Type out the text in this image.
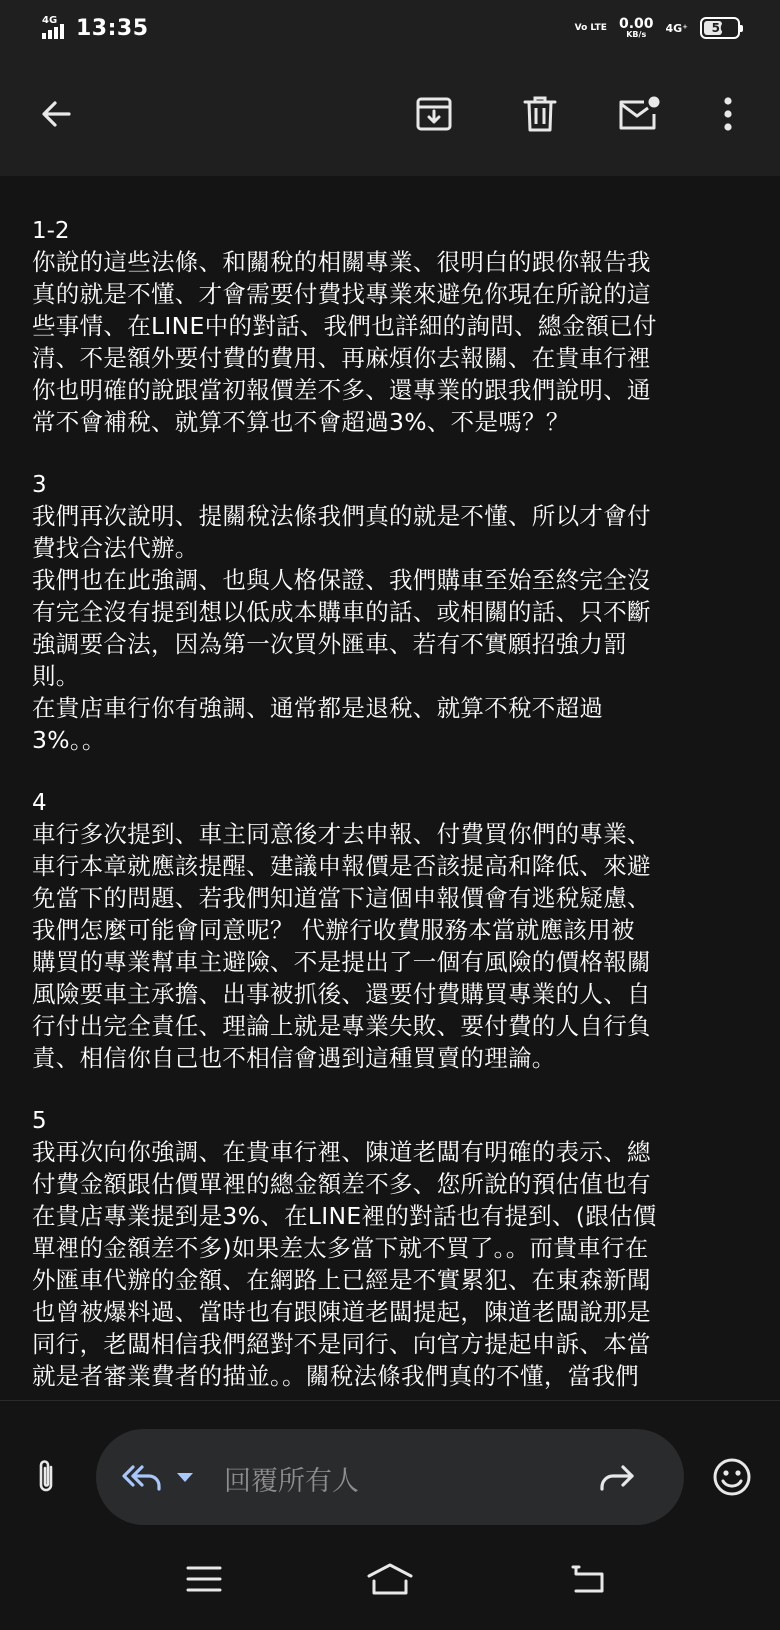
4G 13:35	Vo LTE 0.00
KB/s 4G⁺ 56
1-2
你說的這些法條、和關稅的相關專業、很明白的跟你報告我
真的就是不懂、才會需要付費找專業來避免你現在所說的這
些事情、在LINE中的對話、我們也詳細的詢問、總金額已付
清、不是額外要付費的費用、再麻煩你去報關、在貴車行裡
你也明確的說跟當初報價差不多、還專業的跟我們說明、通
常不會補稅、就算不算也不會超過3%、不是嗎？？
3
我們再次說明、提關稅法條我們真的就是不懂、所以才會付
費找合法代辦。
我們也在此強調、也與人格保證、我們購車至始至終完全沒
有完全沒有提到想以低成本購車的話、或相關的話、只不斷
強調要合法，因為第一次買外匯車、若有不實願招強力罰
則。
在貴店車行你有強調、通常都是退稅、就算不稅不超過
3%。。
4
車行多次提到、車主同意後才去申報、付費買你們的專業、
車行本章就應該提醒、建議申報價是否該提高和降低、來避
免當下的問題、若我們知道當下這個申報價會有逃稅疑慮、
我們怎麼可能會同意呢？ 代辦行收費服務本當就應該用被
購買的專業幫車主避險、不是提出了一個有風險的價格報關
風險要車主承擔、出事被抓後、還要付費購買專業的人、自
行付出完全責任、理論上就是專業失敗、要付費的人自行負
責、相信你自己也不相信會遇到這種買賣的理論。
5
我再次向你強調、在貴車行裡、陳道老闆有明確的表示、總
付費金額跟估價單裡的總金額差不多、您所說的預估值也有
在貴店專業提到是3%、在LINE裡的對話也有提到、(跟估價
單裡的金額差不多)如果差太多當下就不買了。。而貴車行在
外匯車代辦的金額、在網路上已經是不實累犯、在東森新聞
也曾被爆料過、當時也有跟陳道老闆提起，陳道老闆說那是
同行，老闆相信我們絕對不是同行、向官方提起申訴、本當
就是者審業費者的描並。。關稅法條我們真的不懂，當我們
回覆所有人
